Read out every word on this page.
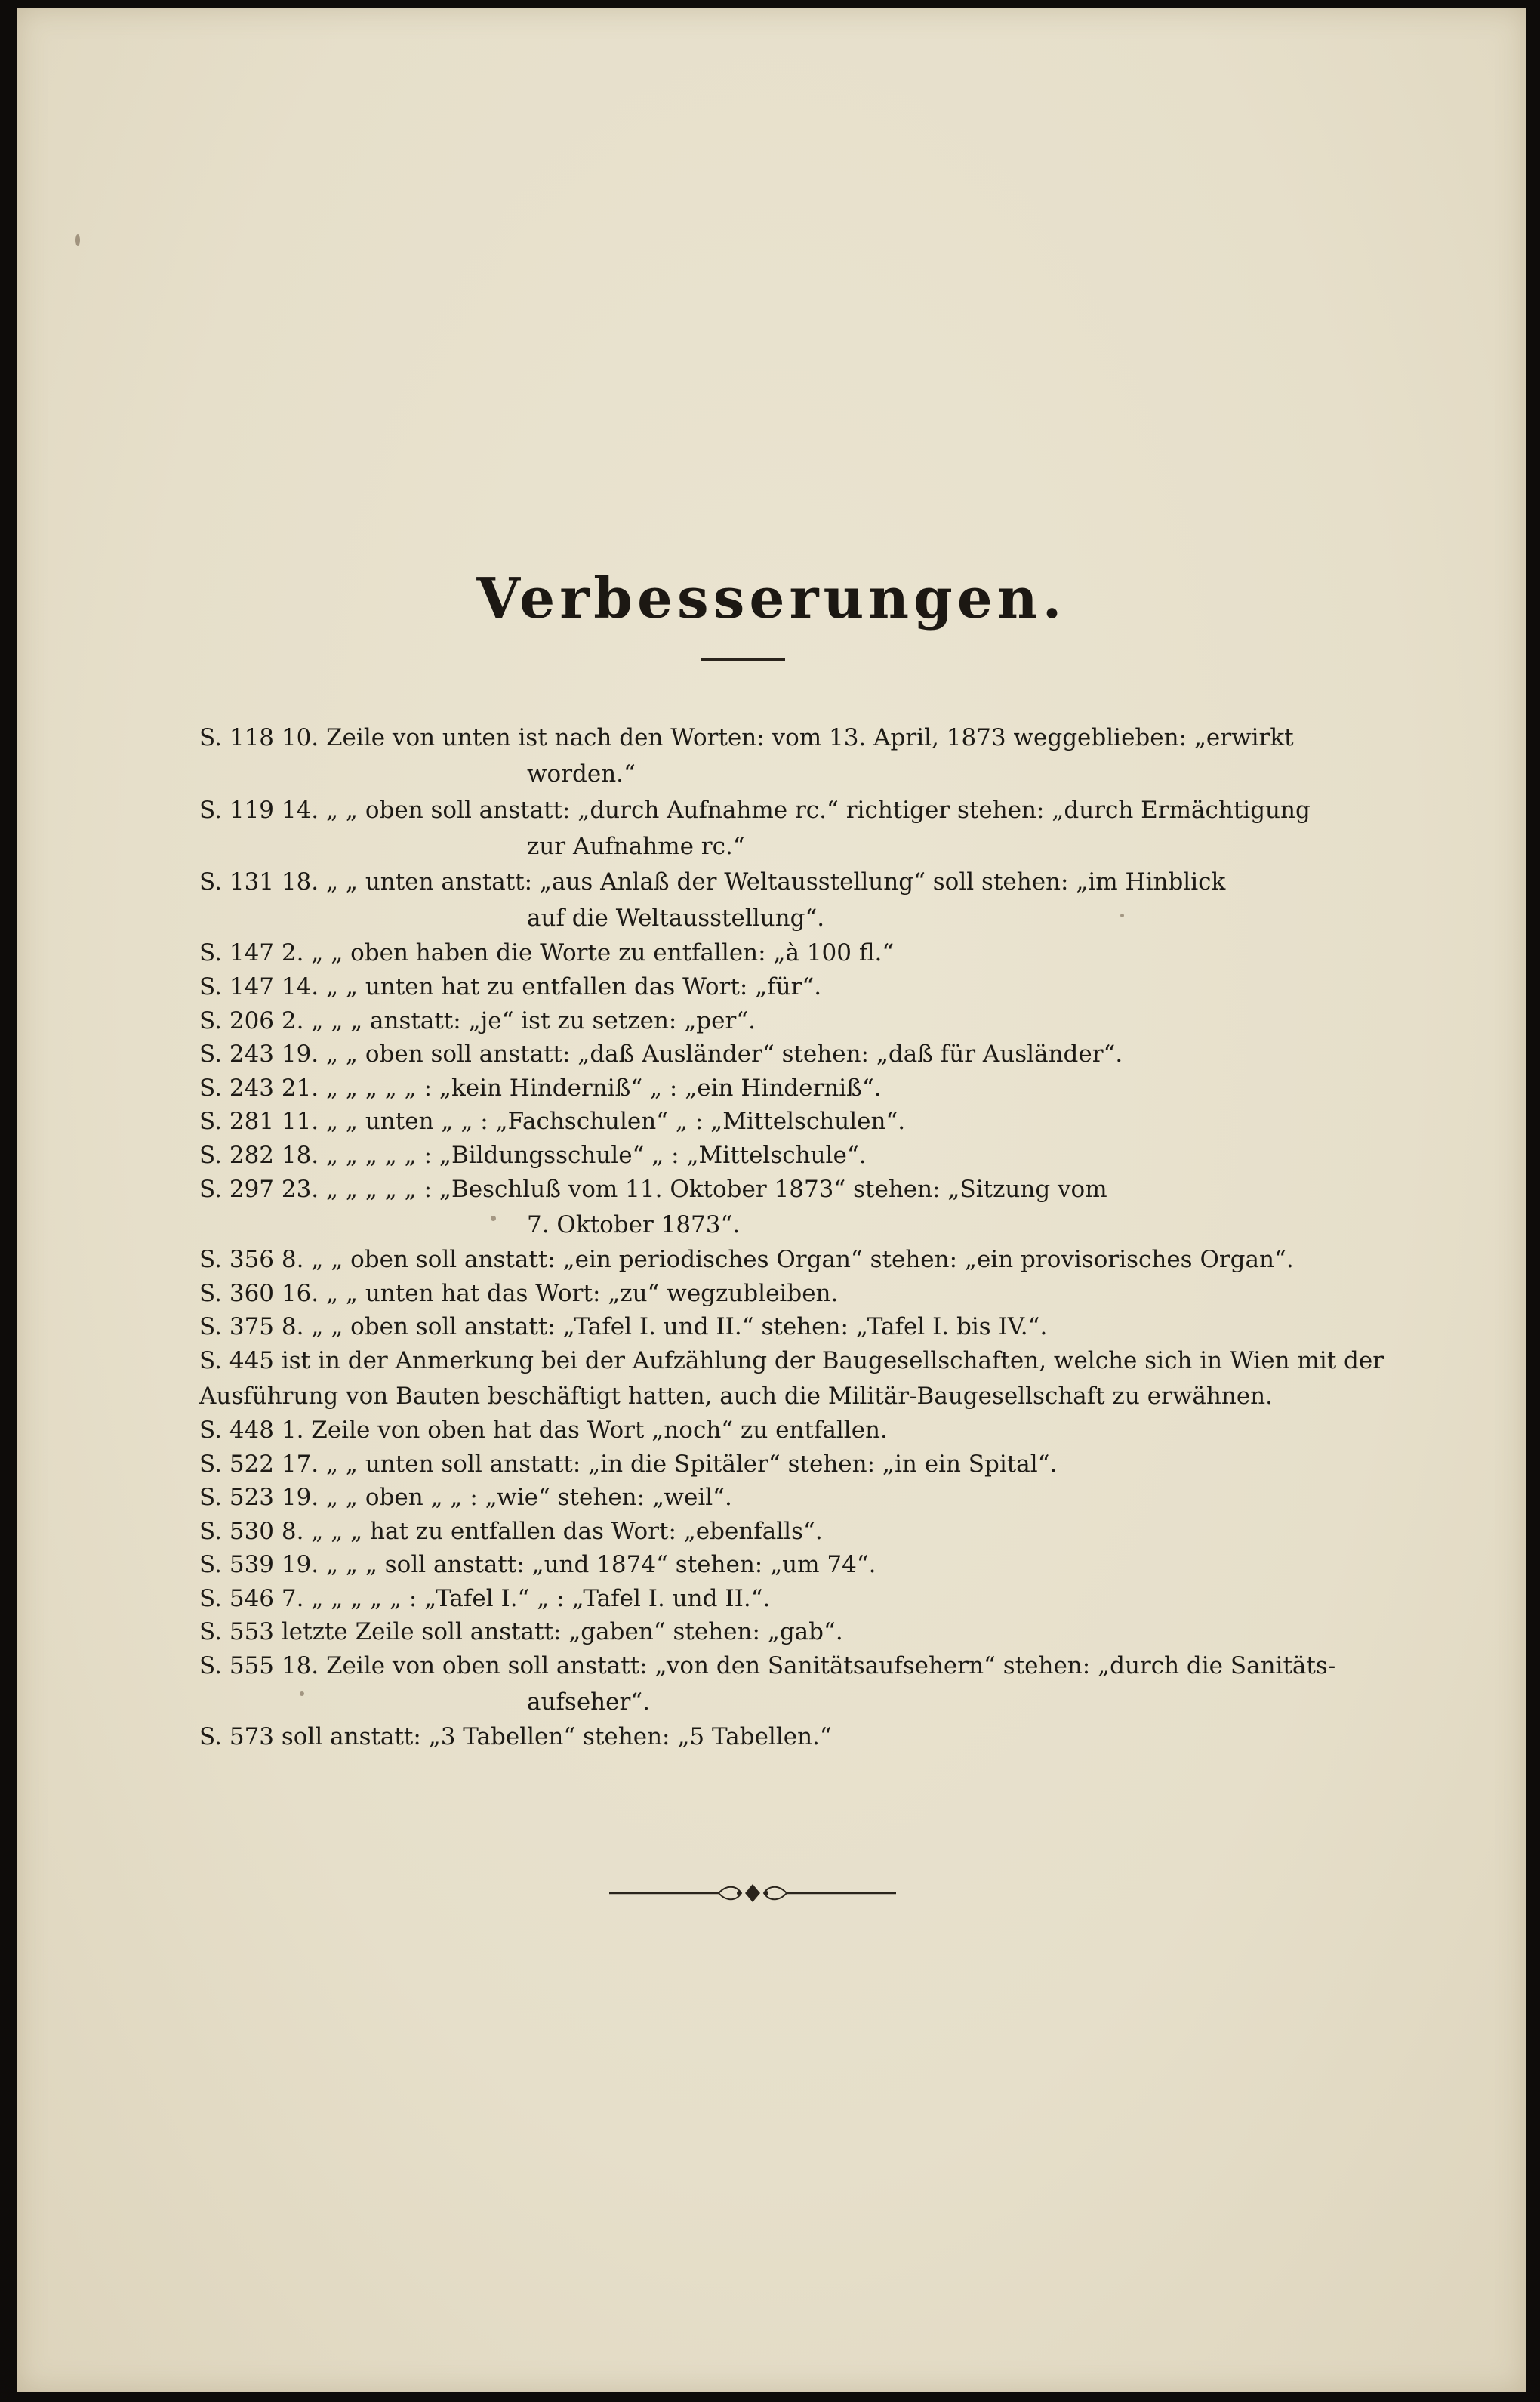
Verbesserungen.
S. 118 10. Zeile von unten ist nach den Worten: vom 13. April, 1873 weggeblieben: „erwirkt
worden.“
S. 119 14. „ „ oben soll anstatt: „durch Aufnahme rc.“ richtiger stehen: „durch Ermächtigung
zur Aufnahme rc.“
S. 131 18. „ „ unten anstatt: „aus Anlaß der Weltausstellung“ soll stehen: „im Hinblick
auf die Weltausstellung“.
S. 147 2. „ „ oben haben die Worte zu entfallen: „à 100 fl.“
S. 147 14. „ „ unten hat zu entfallen das Wort: „für“.
S. 206 2. „ „ „ anstatt: „je“ ist zu setzen: „per“.
S. 243 19. „ „ oben soll anstatt: „daß Ausländer“ stehen: „daß für Ausländer“.
S. 243 21. „ „ „ „ „ : „kein Hinderniß“ „ : „ein Hinderniß“.
S. 281 11. „ „ unten „ „ : „Fachschulen“ „ : „Mittelschulen“.
S. 282 18. „ „ „ „ „ : „Bildungsschule“ „ : „Mittelschule“.
S. 297 23. „ „ „ „ „ : „Beschluß vom 11. Oktober 1873“ stehen: „Sitzung vom
7. Oktober 1873“.
S. 356 8. „ „ oben soll anstatt: „ein periodisches Organ“ stehen: „ein provisorisches Organ“.
S. 360 16. „ „ unten hat das Wort: „zu“ wegzubleiben.
S. 375 8. „ „ oben soll anstatt: „Tafel I. und II.“ stehen: „Tafel I. bis IV.“.
S. 445 ist in der Anmerkung bei der Aufzählung der Baugesellschaften, welche sich in Wien mit der
Ausführung von Bauten beschäftigt hatten, auch die Militär-Baugesellschaft zu erwähnen.
S. 448 1. Zeile von oben hat das Wort „noch“ zu entfallen.
S. 522 17. „ „ unten soll anstatt: „in die Spitäler“ stehen: „in ein Spital“.
S. 523 19. „ „ oben „ „ : „wie“ stehen: „weil“.
S. 530 8. „ „ „ hat zu entfallen das Wort: „ebenfalls“.
S. 539 19. „ „ „ soll anstatt: „und 1874“ stehen: „um 74“.
S. 546 7. „ „ „ „ „ : „Tafel I.“ „ : „Tafel I. und II.“.
S. 553 letzte Zeile soll anstatt: „gaben“ stehen: „gab“.
S. 555 18. Zeile von oben soll anstatt: „von den Sanitätsaufsehern“ stehen: „durch die Sanitäts-
aufseher“.
S. 573 soll anstatt: „3 Tabellen“ stehen: „5 Tabellen.“
